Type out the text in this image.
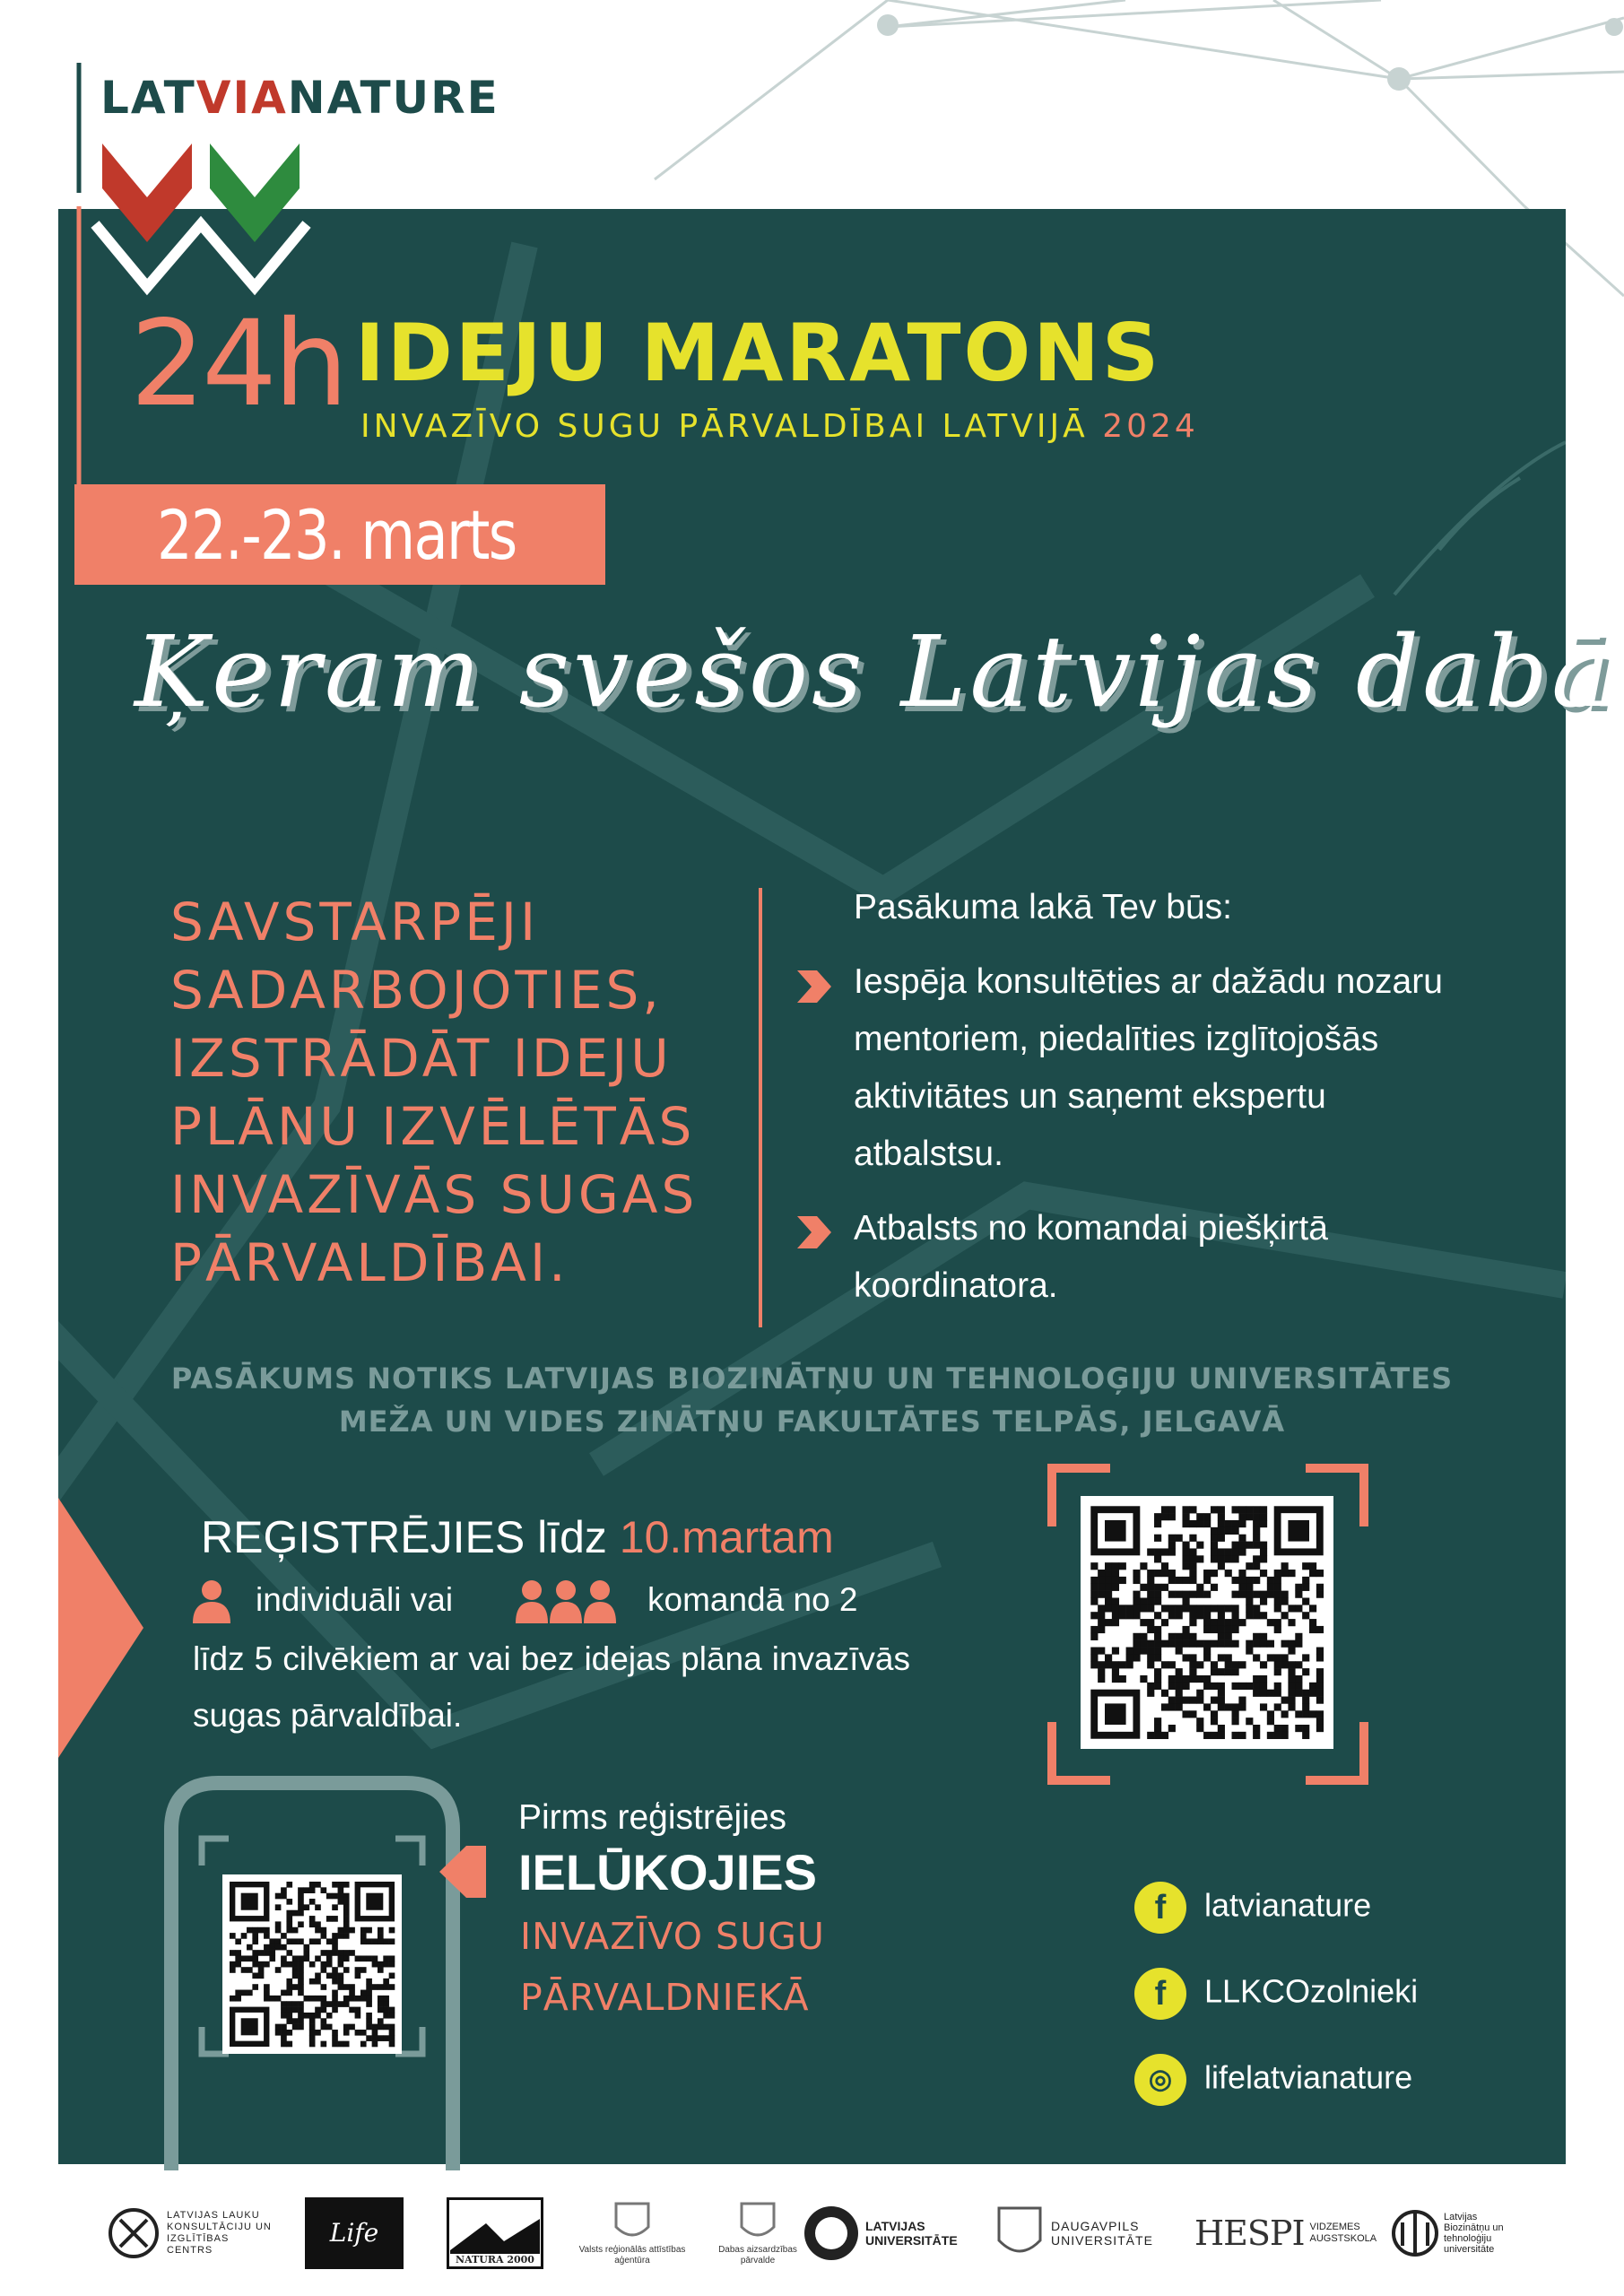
LATVIANATURE
24h IDEJU MARATONS
INVAZĪVO SUGU PĀRVALDĪBAI LATVIJĀ 2024
22.-23. marts
Ķeram svešos Latvijas dabā
SAVSTARPĒJI
SADARBOJOTIES,
IZSTRĀDĀT IDEJU
PLĀNU IZVĒLĒTĀS
INVAZĪVĀS SUGAS
PĀRVALDĪBAI.
Pasākuma lakā Tev būs:
Iespēja konsultēties ar dažādu nozaru mentoriem, piedalīties izglītojošās aktivitātes un saņemt ekspertu atbalstsu.
Atbalsts no komandai piešķirtā koordinatora.
PASĀKUMS NOTIKS LATVIJAS BIOZINĀTŅU UN TEHNOLOĢIJU UNIVERSITĀTES
MEŽA UN VIDES ZINĀTŅU FAKULTĀTES TELPĀS, JELGAVĀ
REĢISTRĒJIES līdz 10.martam
individuāli vai	komandā no 2
līdz 5 cilvēkiem ar vai bez idejas plāna invazīvās sugas pārvaldībai.
Pirms reģistrējies
IELŪKOJIES
INVAZĪVO SUGU
PĀRVALDNIEKĀ
f latvianature
f LLKCOzolnieki
◎ lifelatvianature
LATVIJAS LAUKU KONSULTĀCIJU UN IZGLĪTĪBAS CENTRS
Life
NATURA 2000
Valsts reģionālās attīstības aģentūra
Dabas aizsardzības pārvalde
LATVIJAS UNIVERSITĀTE
DAUGAVPILS UNIVERSITĀTE HESPI VIDZEMES AUGSTSKOLA
Latvijas Biozinātņu un tehnoloģiju universitāte
